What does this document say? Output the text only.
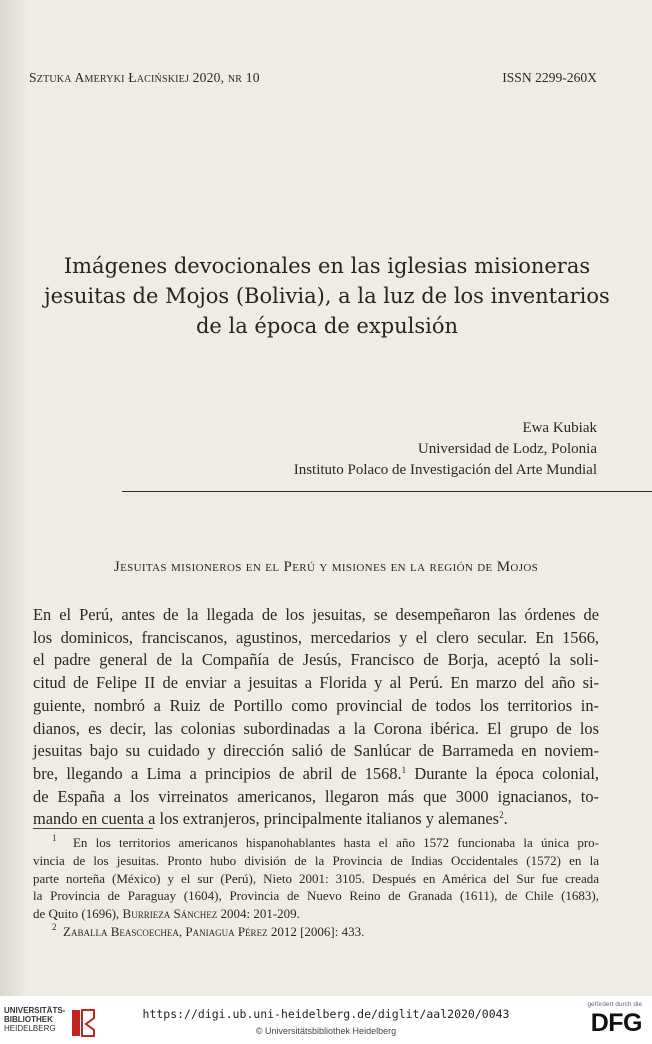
Sztuka Ameryki Łacińskiej 2020, nr 10	ISSN 2299-260X
Imágenes devocionales en las iglesias misioneras
jesuitas de Mojos (Bolivia), a la luz de los inventarios
de la época de expulsión
Ewa Kubiak
Universidad de Lodz, Polonia
Instituto Polaco de Investigación del Arte Mundial
Jesuitas misioneros en el Perú y misiones en la región de Mojos
En el Perú, antes de la llegada de los jesuitas, se desempeñaron las órdenes de
los dominicos, franciscanos, agustinos, mercedarios y el clero secular. En 1566,
el padre general de la Compañía de Jesús, Francisco de Borja, aceptó la soli-
citud de Felipe II de enviar a jesuitas a Florida y al Perú. En marzo del año si-
guiente, nombró a Ruiz de Portillo como provincial de todos los territorios in-
dianos, es decir, las colonias subordinadas a la Corona ibérica. El grupo de los
jesuitas bajo su cuidado y dirección salió de Sanlúcar de Barrameda en noviem-
bre, llegando a Lima a principios de abril de 1568.$^1$ Durante la época colonial,
de España a los virreinatos americanos, llegaron más que 3000 ignacianos, to-
mando en cuenta a los extranjeros, principalmente italianos y alemanes$^2$.
$^1$ En los territorios americanos hispanohablantes hasta el año 1572 funcionaba la única pro-
vincia de los jesuitas. Pronto hubo división de la Provincia de Indias Occidentales (1572) en la
parte norteña (México) y el sur (Perú), Nieto 2001: 3105. Después en América del Sur fue creada
la Provincia de Paraguay (1604), Provincia de Nuevo Reino de Granada (1611), de Chile (1683),
de Quito (1696), Burrieza Sánchez 2004: 201-209.
$^2$ Zaballa Beascoechea, Paniagua Pérez 2012 [2006]: 433.
UNIVERSITÄTS-
BIBLIOTHEK
HEIDELBERG
https://digi.ub.uni-heidelberg.de/diglit/aal2020/0043
© Universitätsbibliothek Heidelberg
gefördert durch die
DFG
